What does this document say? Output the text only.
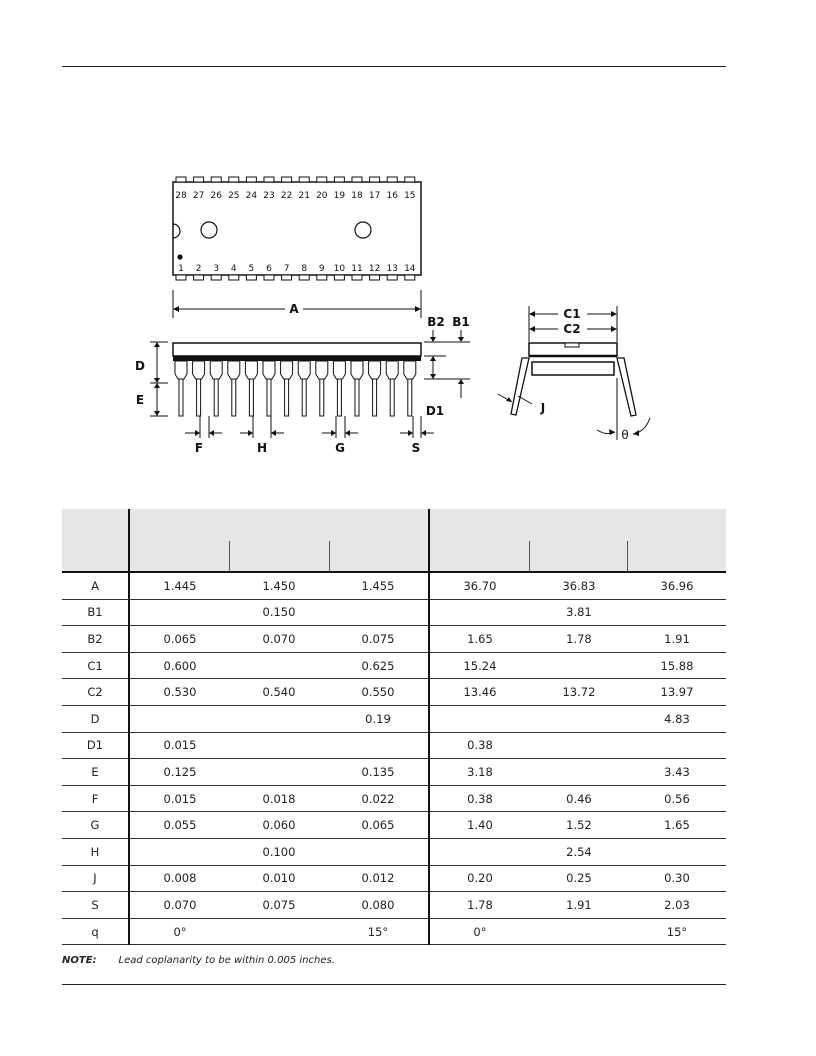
28 27 26 25 24 23 22 21 20 19 18 17 16 15
1 2 3 4 5 6 7 8 9 10 11 12 13 14
A
D
E
B2 B1
D1
F	H	G	S
C1
C2
J
θ

A	1.445	1.450	1.455	36.70	36.83	36.96
B1		0.150			3.81	
B2	0.065	0.070	0.075	1.65	1.78	1.91
C1	0.600		0.625	15.24		15.88
C2	0.530	0.540	0.550	13.46	13.72	13.97
D			0.19			4.83
D1	0.015			0.38		
E	0.125		0.135	3.18		3.43
F	0.015	0.018	0.022	0.38	0.46	0.56
G	0.055	0.060	0.065	1.40	1.52	1.65
H		0.100			2.54	
J	0.008	0.010	0.012	0.20	0.25	0.30
S	0.070	0.075	0.080	1.78	1.91	2.03
q	0°		15°	0°		15°
NOTE: Lead coplanarity to be within 0.005 inches.
